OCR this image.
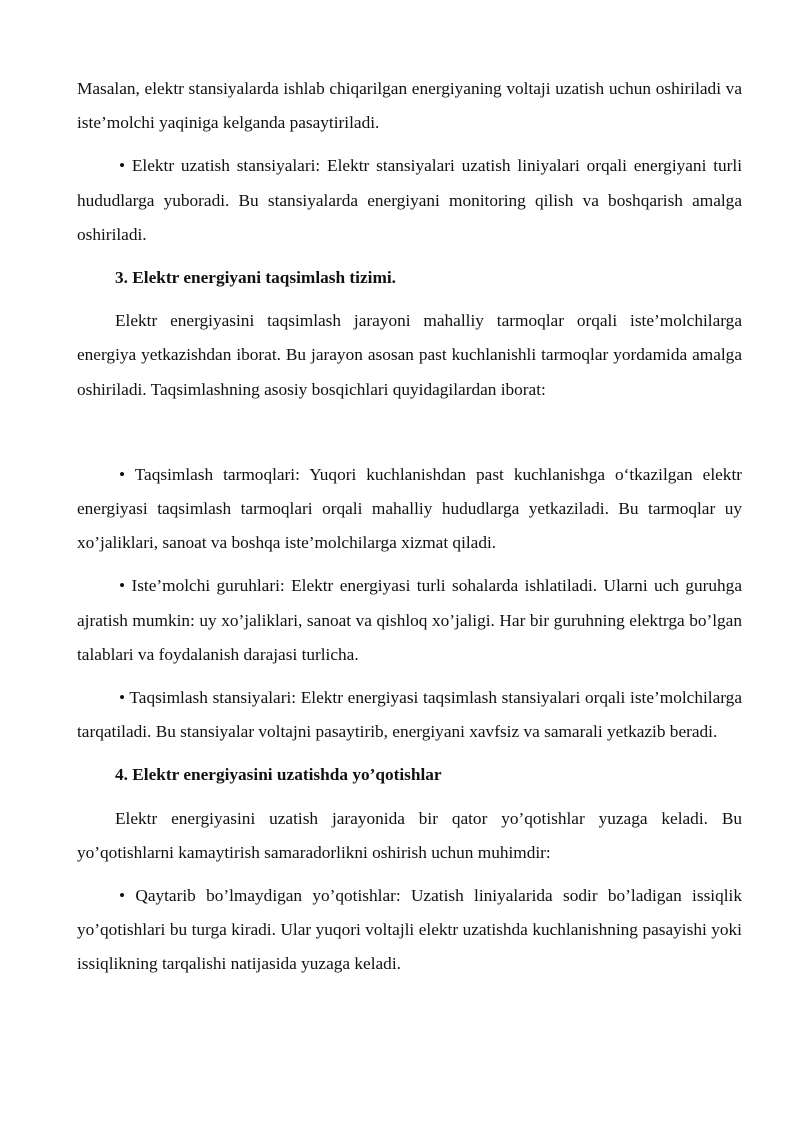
Masalan, elektr stansiyalarda ishlab chiqarilgan energiyaning voltaji uzatish uchun oshiriladi va iste’molchi yaqiniga kelganda pasaytiriladi.

• Elektr uzatish stansiyalari: Elektr stansiyalari uzatish liniyalari orqali energiyani turli hududlarga yuboradi. Bu stansiyalarda energiyani monitoring qilish va boshqarish amalga oshiriladi.

3. Elektr energiyani taqsimlash tizimi.

Elektr energiyasini taqsimlash jarayoni mahalliy tarmoqlar orqali iste’molchilarga energiya yetkazishdan iborat. Bu jarayon asosan past kuchlanishli tarmoqlar yordamida amalga oshiriladi. Taqsimlashning asosiy bosqichlari quyidagilardan iborat:

• Taqsimlash tarmoqlari: Yuqori kuchlanishdan past kuchlanishga o‘tkazilgan elektr energiyasi taqsimlash tarmoqlari orqali mahalliy hududlarga yetkaziladi. Bu tarmoqlar uy xo’jaliklari, sanoat va boshqa iste’molchilarga xizmat qiladi.

• Iste’molchi guruhlari: Elektr energiyasi turli sohalarda ishlatiladi. Ularni uch guruhga ajratish mumkin: uy xo’jaliklari, sanoat va qishloq xo’jaligi. Har bir guruhning elektrga bo’lgan talablari va foydalanish darajasi turlicha.

• Taqsimlash stansiyalari: Elektr energiyasi taqsimlash stansiyalari orqali iste’molchilarga tarqatiladi. Bu stansiyalar voltajni pasaytirib, energiyani xavfsiz va samarali yetkazib beradi.

4. Elektr energiyasini uzatishda yo’qotishlar

Elektr energiyasini uzatish jarayonida bir qator yo’qotishlar yuzaga keladi. Bu yo’qotishlarni kamaytirish samaradorlikni oshirish uchun muhimdir:

• Qaytarib bo’lmaydigan yo’qotishlar: Uzatish liniyalarida sodir bo’ladigan issiqlik yo’qotishlari bu turga kiradi. Ular yuqori voltajli elektr uzatishda kuchlanishning pasayishi yoki issiqlikning tarqalishi natijasida yuzaga keladi.
